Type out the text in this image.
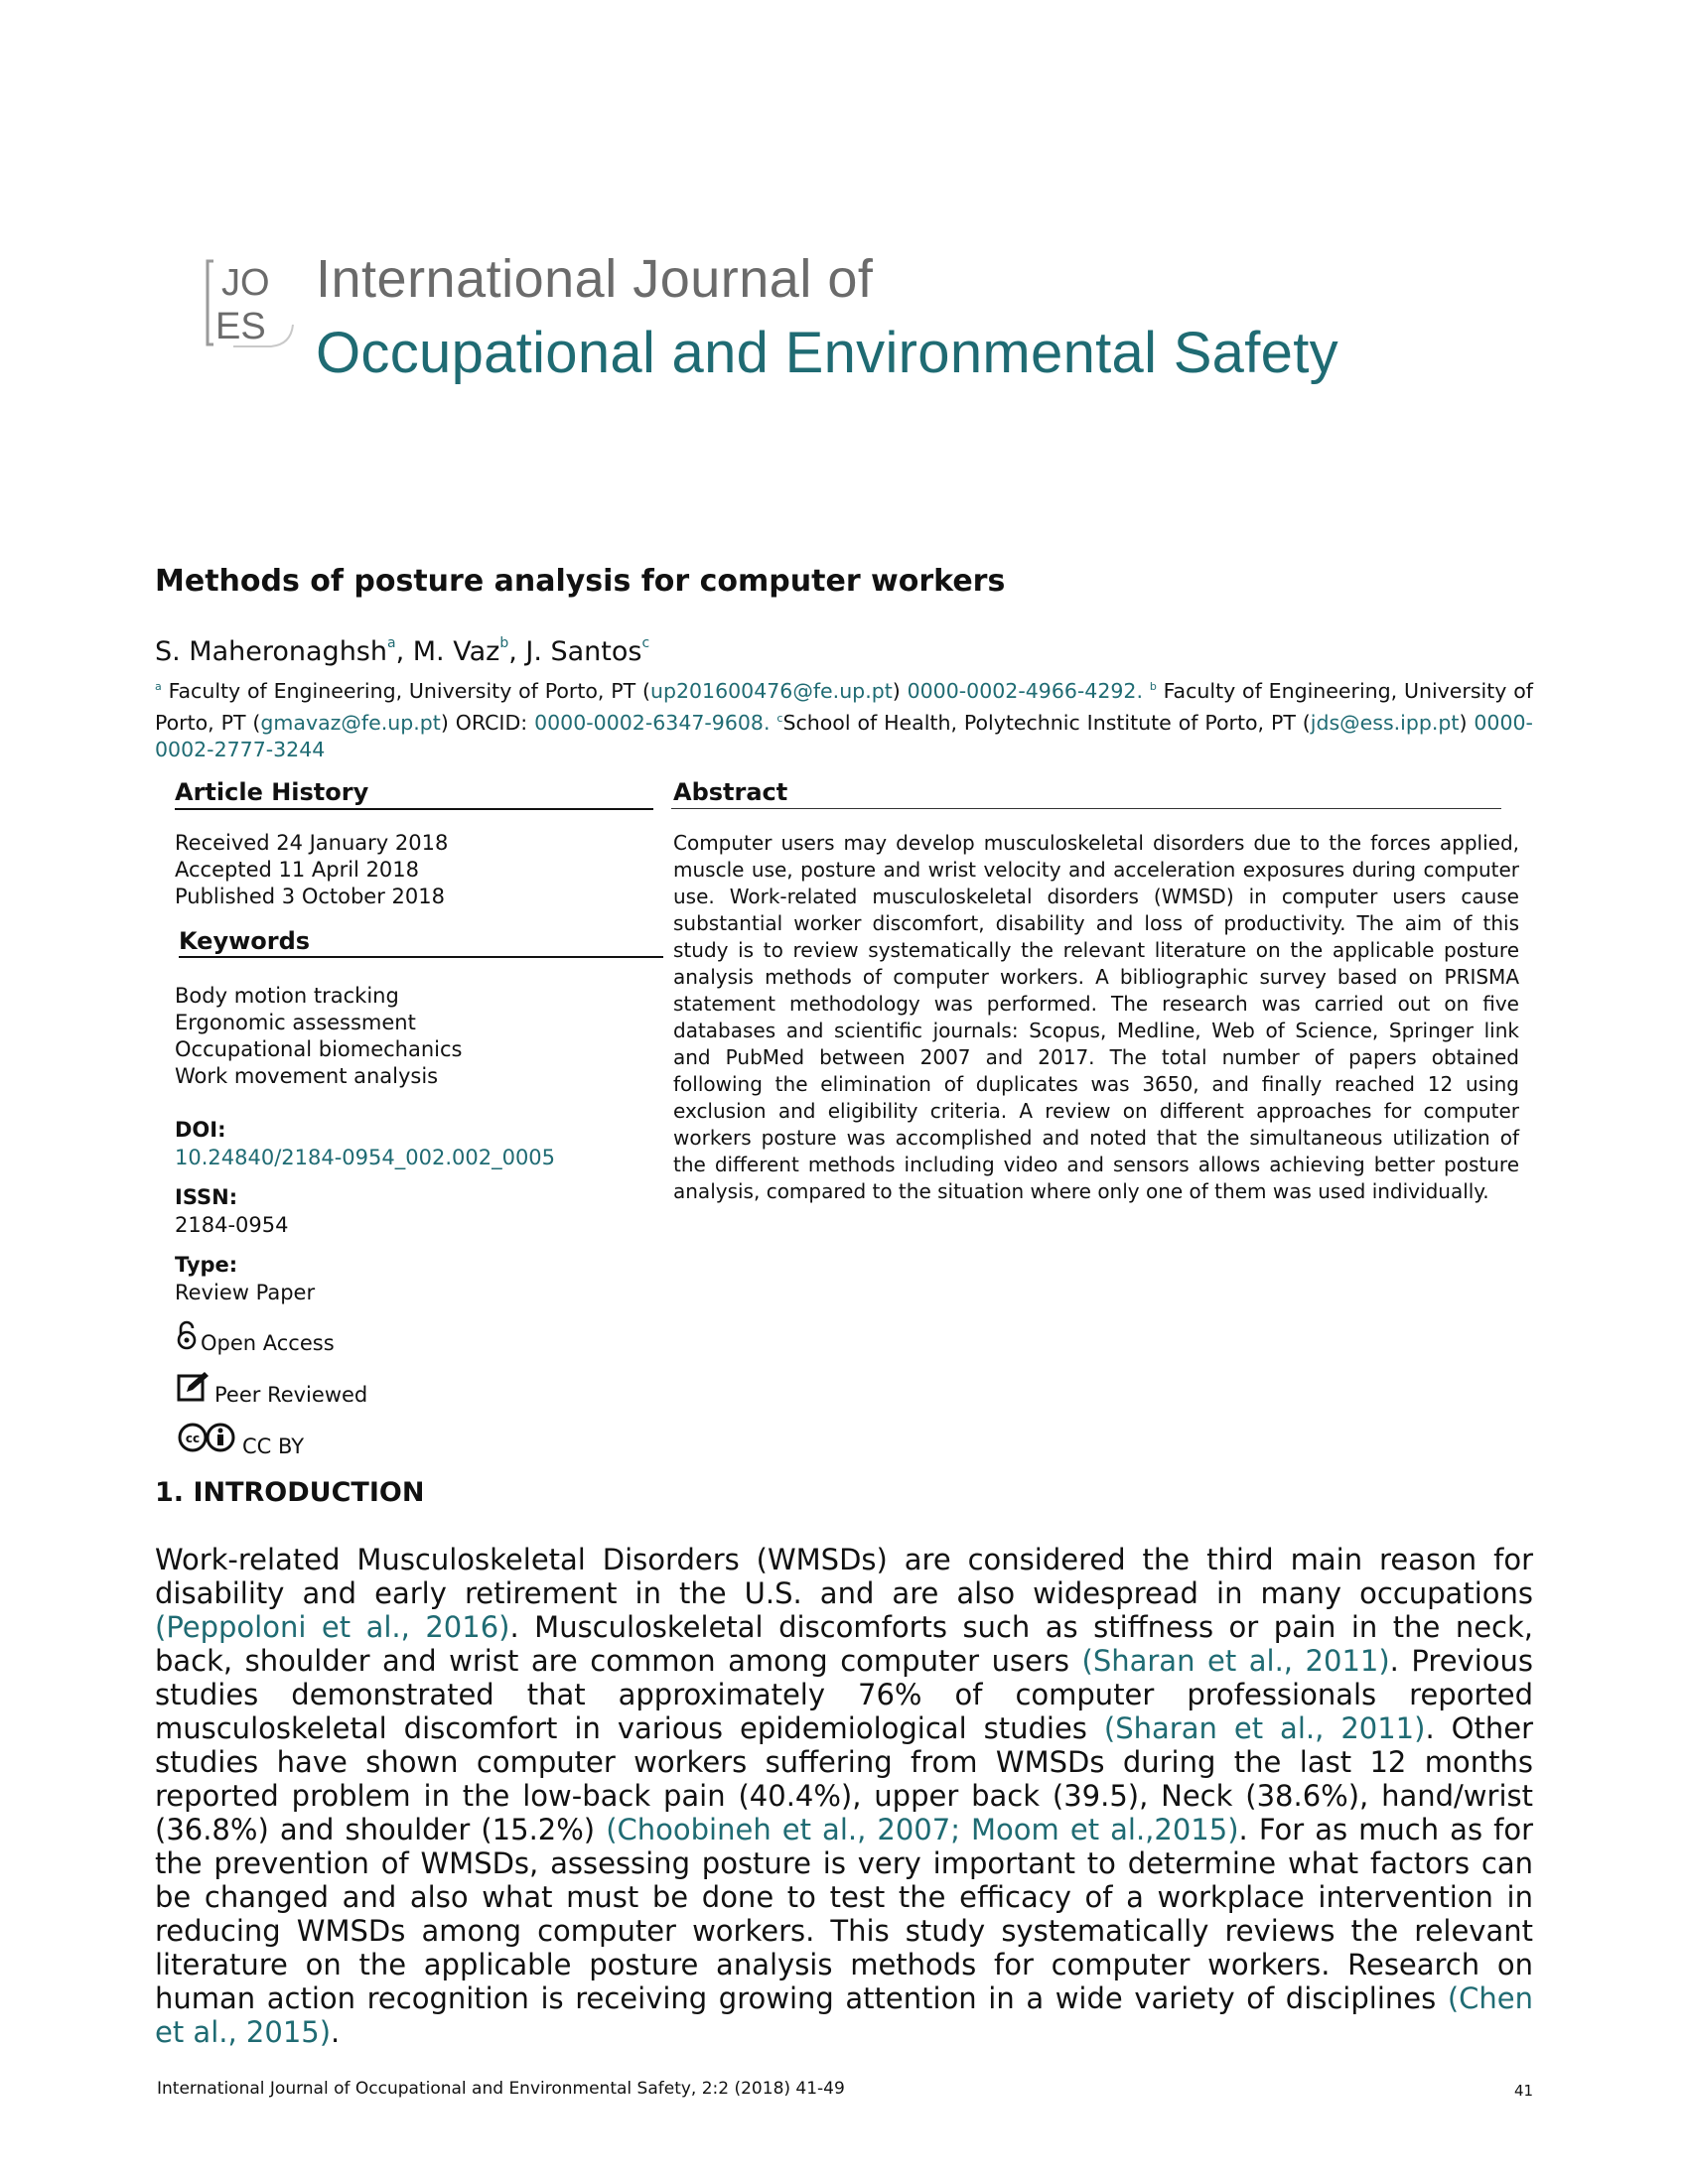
JO
ES
International Journal of
Occupational and Environmental Safety
Methods of posture analysis for computer workers
S. Maheronaghsh$^a$, M. Vaz$^b$, J. Santos$^c$
$^a$ Faculty of Engineering, University of Porto, PT (up201600476@fe.up.pt) 0000-0002-4966-4292. $^b$ Faculty of Engineering, University of Porto, PT (gmavaz@fe.up.pt) ORCID: 0000-0002-6347-9608. $^c$School of Health, Polytechnic Institute of Porto, PT (jds@ess.ipp.pt) 0000-0002-2777-3244
Article History
Received 24 January 2018
Accepted 11 April 2018
Published 3 October 2018
Keywords
Body motion tracking
Ergonomic assessment
Occupational biomechanics
Work movement analysis
DOI:
10.24840/2184-0954_002.002_0005
ISSN:
2184-0954
Type:
Review Paper
Open Access
Peer Reviewed
cc CC BY
Abstract
Computer users may develop musculoskeletal disorders due to the forces applied, muscle use, posture and wrist velocity and acceleration exposures during computer use. Work-related musculoskeletal disorders (WMSD) in computer users cause substantial worker discomfort, disability and loss of productivity. The aim of this study is to review systematically the relevant literature on the applicable posture analysis methods of computer workers. A bibliographic survey based on PRISMA statement methodology was performed. The research was carried out on five databases and scientific journals: Scopus, Medline, Web of Science, Springer link and PubMed between 2007 and 2017. The total number of papers obtained following the elimination of duplicates was 3650, and finally reached 12 using exclusion and eligibility criteria. A review on different approaches for computer workers posture was accomplished and noted that the simultaneous utilization of the different methods including video and sensors allows achieving better posture analysis, compared to the situation where only one of them was used individually.
1. INTRODUCTION
Work-related Musculoskeletal Disorders (WMSDs) are considered the third main reason for disability and early retirement in the U.S. and are also widespread in many occupations (Peppoloni et al., 2016). Musculoskeletal discomforts such as stiffness or pain in the neck, back, shoulder and wrist are common among computer users (Sharan et al., 2011). Previous studies demonstrated that approximately 76% of computer professionals reported musculoskeletal discomfort in various epidemiological studies (Sharan et al., 2011). Other studies have shown computer workers suffering from WMSDs during the last 12 months reported problem in the low-back pain (40.4%), upper back (39.5), Neck (38.6%), hand/wrist (36.8%) and shoulder (15.2%) (Choobineh et al., 2007; Moom et al.,2015). For as much as for the prevention of WMSDs, assessing posture is very important to determine what factors can be changed and also what must be done to test the efficacy of a workplace intervention in reducing WMSDs among computer workers. This study systematically reviews the relevant literature on the applicable posture analysis methods for computer workers. Research on human action recognition is receiving growing attention in a wide variety of disciplines (Chen et al., 2015).
International Journal of Occupational and Environmental Safety, 2:2 (2018) 41-49	41
